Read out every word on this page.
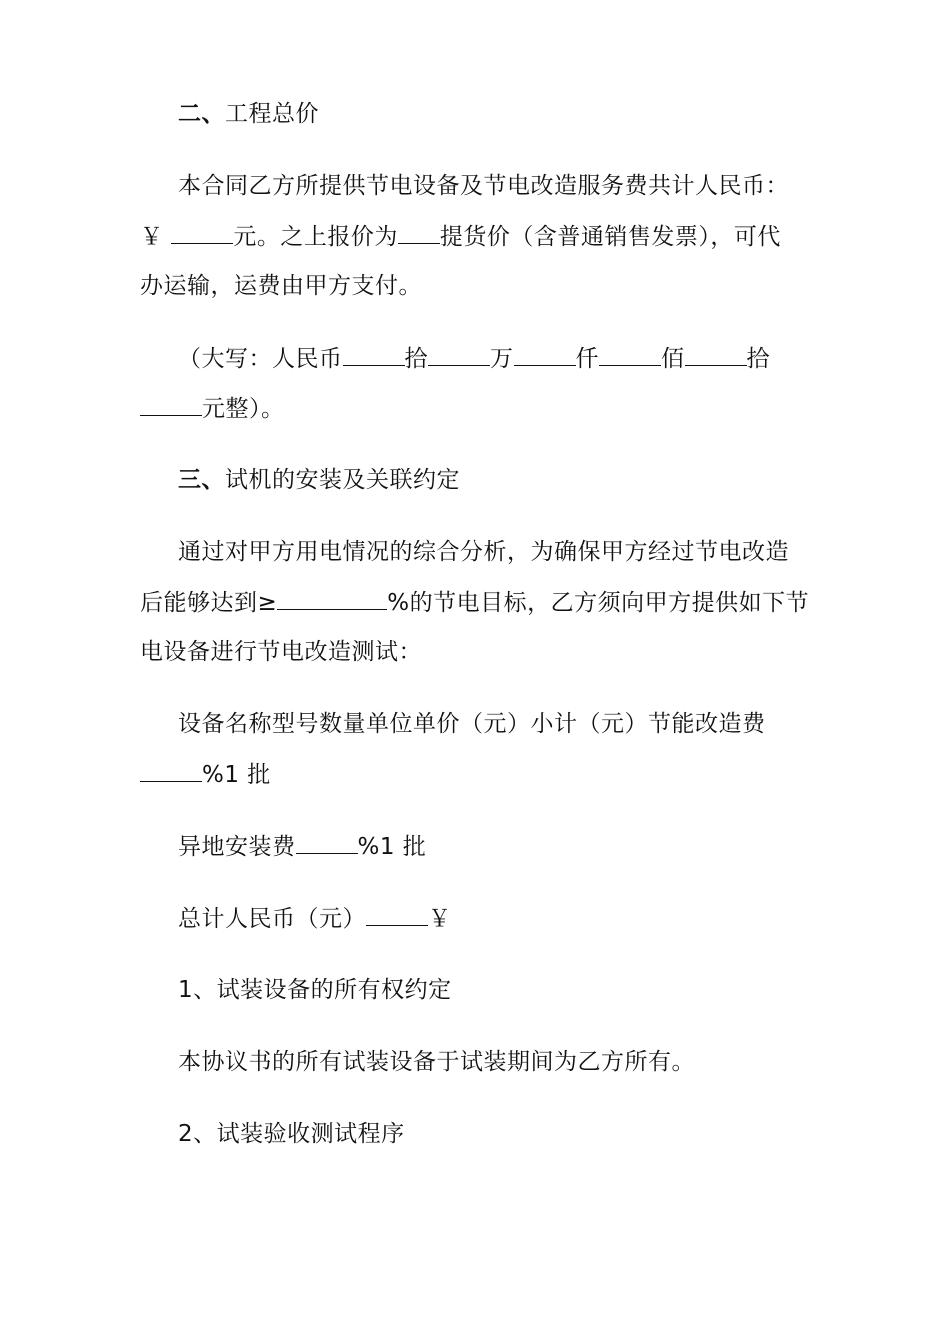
二、工程总价
本合同乙方所提供节电设备及节电改造服务费共计人民币：
￥	元。之上报价为 提货价（含普通销售发票），可代
办运输，运费由甲方支付。
（大写：人民币	拾	万	仟	佰	拾
元整）。
三、试机的安装及关联约定
通过对甲方用电情况的综合分析，为确保甲方经过节电改造
后能够达到≥	%的节电目标，乙方须向甲方提供如下节
电设备进行节电改造测试：
设备名称型号数量单位单价（元）小计（元）节能改造费
%1 批
异地安装费	%1 批
总计人民币（元）	￥
1、试装设备的所有权约定
本协议书的所有试装设备于试装期间为乙方所有。
2、试装验收测试程序
